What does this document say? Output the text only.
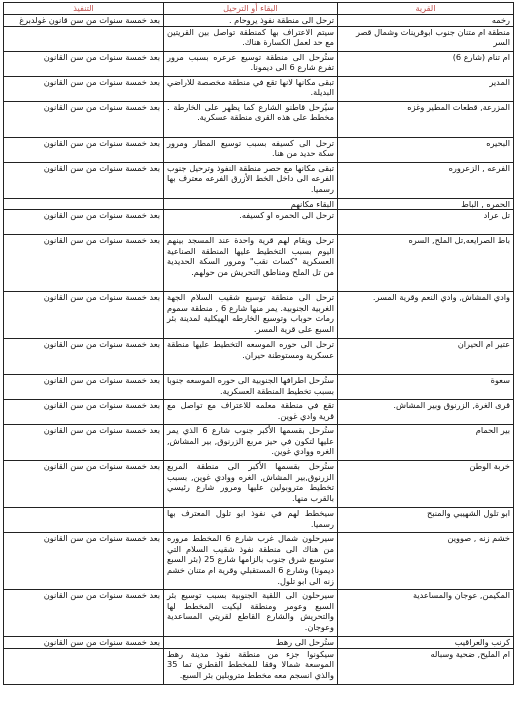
القرية	البقاء أو الترحيل	التنفيذ
رخمه	ترحل الى منطقة نفوذ يروحام .	بعد خمسة سنوات من سن قانون غولدبرغ
منطقة ام متنان جنوب ابوقرينات وشمال قصر السر	سيتم الاعتراف بها كمنطقة تواصل بين القريتين مع حد لعمل الكسارة هناك.	
ام تنام (شارع 6)	ستُرحل الى منطقة توسيع عرعره بسبب مرور تفرع شارع 6 الى ديمونا.	بعد خمسة سنوات من سن القانون
المدير	تبقى مكانها لانها تقع في منطقة مخصصة للاراضي البديلة.	بعد خمسة سنوات من سن القانون
المزرعة, قطعات المطير وغزه	سيُرحل قاطنو الشارع كما يظهر على الخارطة . مخطط على هذه القرى منطقة عسكرية.	بعد خمسة سنوات من سن القانون
البحيره	ترحل الى كسيفه بسبب توسيع المطار ومرور سكة حديد من هنا.	بعد خمسة سنوات من سن القانون
الفرعه , الزعروره	تبقى مكانها مع حصر منطقة النفوذ وترحيل جنوب الفرعه الى داخل الخط الأزرق الفرعه معترف بها رسميا.	بعد خمسة سنوات من سن القانون
الحمره , الباط	البقاء مكانهم	
تل عراد	ترحل الى الحمره او كسيفه.	بعد خمسة سنوات من سن القانون
باط الصرايعه,تل الملح, السره	ترحل ويقام لهم قرية واحدة عند المسجد بينهم اليوم بسبب التخطيط عليها المنطقة الصناعية العسكرية "كسات نقب" ومرور السكة الحديدية من تل الملح ومناطق التحريش من حولهم.	بعد خمسة سنوات من سن القانون
وادي المشاش, وادي النعم وقرية المسر.	ترحل الى منطقة توسيع شقيب السلام الجهة الغربية الجنوبية. يمر منها شارع 6 , منطقة سموم رمات حوباب وتوسيع الخارطه الهيكلية لمدينة بئر السبع على قرية المسر.	بعد خمسة سنوات من سن القانون
عتير ام الحيران	ترحل الى حوره الموسعه التخطيط عليها منطقة عسكرية ومستوطنة حيران.	بعد خمسة سنوات من سن القانون
سعوة	ستُرحل اطرافها الجنوبية الى حوره الموسعه جنوبا بسبب تخطيط المنطقة العسكرية.	بعد خمسة سنوات من سن القانون
قرى الغرة, الزرنوق وبير المشاش.	تقع في منطقة معلمه للاعتراف مع تواصل مع قرية وادي غوين.	بعد خمسة سنوات من سن القانون
بير الحمام	ستُرحل بقسمها الأكبر جنوب شارع 6 الذي يمر عليها لتكون في حيز مربع الزرنوق, بير المشاش, الغره ووادي غوين.	بعد خمسة سنوات من سن القانون
خربة الوطن	ستُرحل بقسمها الأكبر الى منطقة المربع الزرنوق,بير المشاش, الغره ووادي غوين, بسبب تخطيط متروبولين عليها ومرور شارع رئيسي بالقرب منها.	بعد خمسة سنوات من سن القانون
ابو تلول الشهيبي والمنبح	سيخطط لهم في نفوذ ابو تلول المعترف بها رسميا.	
خشم زنه , صووين	سيرحلون شمال غرب شارع 6 المخطط مروره من هناك الى منطقة نفوذ شقيب السلام التي ستوسع شرق جنوب بالزامها شارع 25 (بئر السبع ديمونا) وشارع 6 المستقبلي وقرية ام متنان خشم زنه الى ابو تلول.	بعد خمسة سنوات من سن القانون
المكيمن, عوجان والمساعدية	سيرحلون الى اللقية الجنوبية بسبب توسيع بئر السبع وعومر ومنطقة ليكيت المخطط لها والتحريش والشارع القاطع لقريتي المساعدية وعوجان.	بعد خمسة سنوات من سن القانون
كرنب والعراقيب	ستُرحل الى رهط	بعد خمسة سنوات من سن القانون
ام المليح, ضحية وسباله	سيكونوا جزء من منطقة نفوذ مدينة رهط الموسعة شمالا وفقا للمخطط القطري تما 35 والذي انسجم معه مخطط متروبلين بئر السبع.	
